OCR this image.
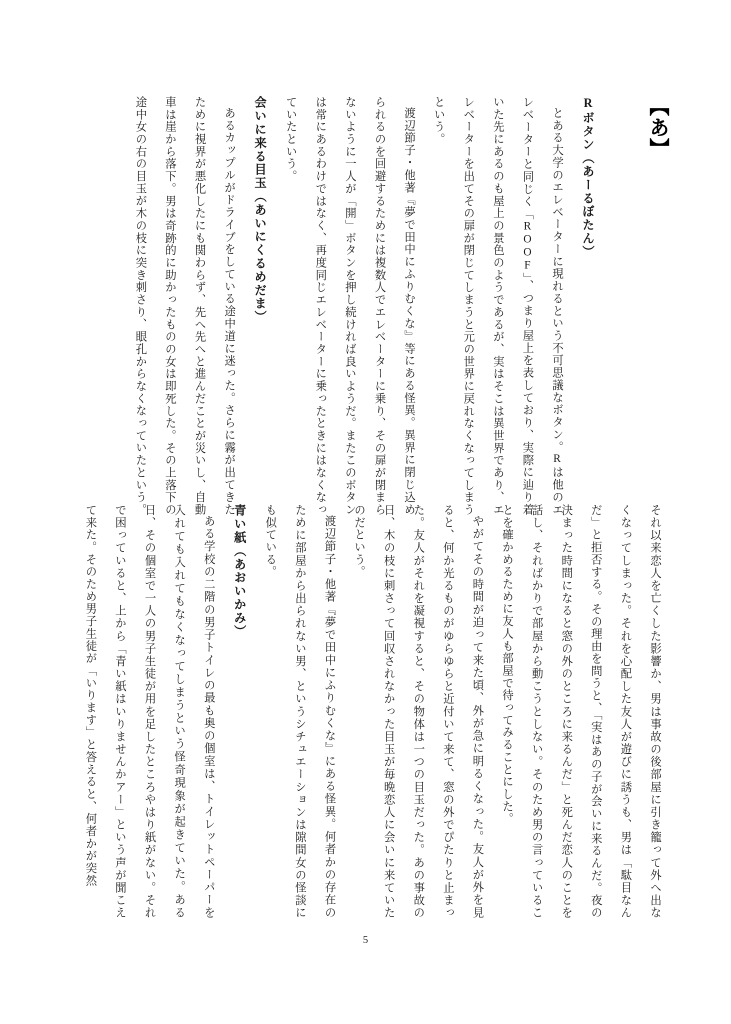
【あ】
Rボタン（あーるぼたん）
とある大学のエレベーターに現れるという不可思議なボタン。Rは他のエレベーターと同じく「ROOF」、つまり屋上を表しており、実際に辿り着いた先にあるのも屋上の景色のようであるが、実はそこは異世界であり、エレベーターを出てその扉が閉じてしまうと元の世界に戻れなくなってしまうという。
渡辺節子・他著『夢で田中にふりむくな』等にある怪異。異界に閉じ込められるのを回避するためには複数人でエレベーターに乗り、その扉が閉まらないように一人が「開」ボタンを押し続ければ良いようだ。またこのボタンは常にあるわけではなく、再度同じエレベーターに乗ったときにはなくなっていたという。
会いに来る目玉（あいにくるめだま）
あるカップルがドライブをしている途中道に迷った。さらに霧が出てきたために視界が悪化したにも関わらず、先へ先へと進んだことが災いし、自動車は崖から落下。男は奇跡的に助かったものの女は即死した。その上落下の途中女の右の目玉が木の枝に突き刺さり、眼孔からなくなっていたという。
それ以来恋人を亡くした影響か、男は事故の後部屋に引き籠って外へ出なくなってしまった。それを心配した友人が遊びに誘うも、男は「駄目なんだ」と拒否する。その理由を問うと、「実はあの子が会いに来るんだ。夜の決まった時間になると窓の外のところに来るんだ」と死んだ恋人のことを話し、そればかりで部屋から動こうとしない。そのため男の言っていることを確かめるために友人も部屋で待ってみることにした。
やがてその時間が迫って来た頃、外が急に明るくなった。友人が外を見ると、何か光るものがゆらゆらと近付いて来て、窓の外でぴたりと止まった。友人がそれを凝視すると、その物体は一つの目玉だった。あの事故の日、木の枝に刺さって回収されなかった目玉が毎晩恋人に会いに来ていたのだという。
渡辺節子・他著『夢で田中にふりむくな』にある怪異。何者かの存在のために部屋から出られない男、というシチュエーションは隙間女の怪談にも似ている。
青い紙（あおいかみ）
ある学校の二階の男子トイレの最も奥の個室は、トイレットペーパーを入れても入れてもなくなってしまうという怪奇現象が起きていた。ある日、その個室で一人の男子生徒が用を足したところやはり紙がない。それで困っていると、上から「青い紙はいりませんかアー」という声が聞こえて来た。そのため男子生徒が「いります」と答えると、何者かが突然
5
